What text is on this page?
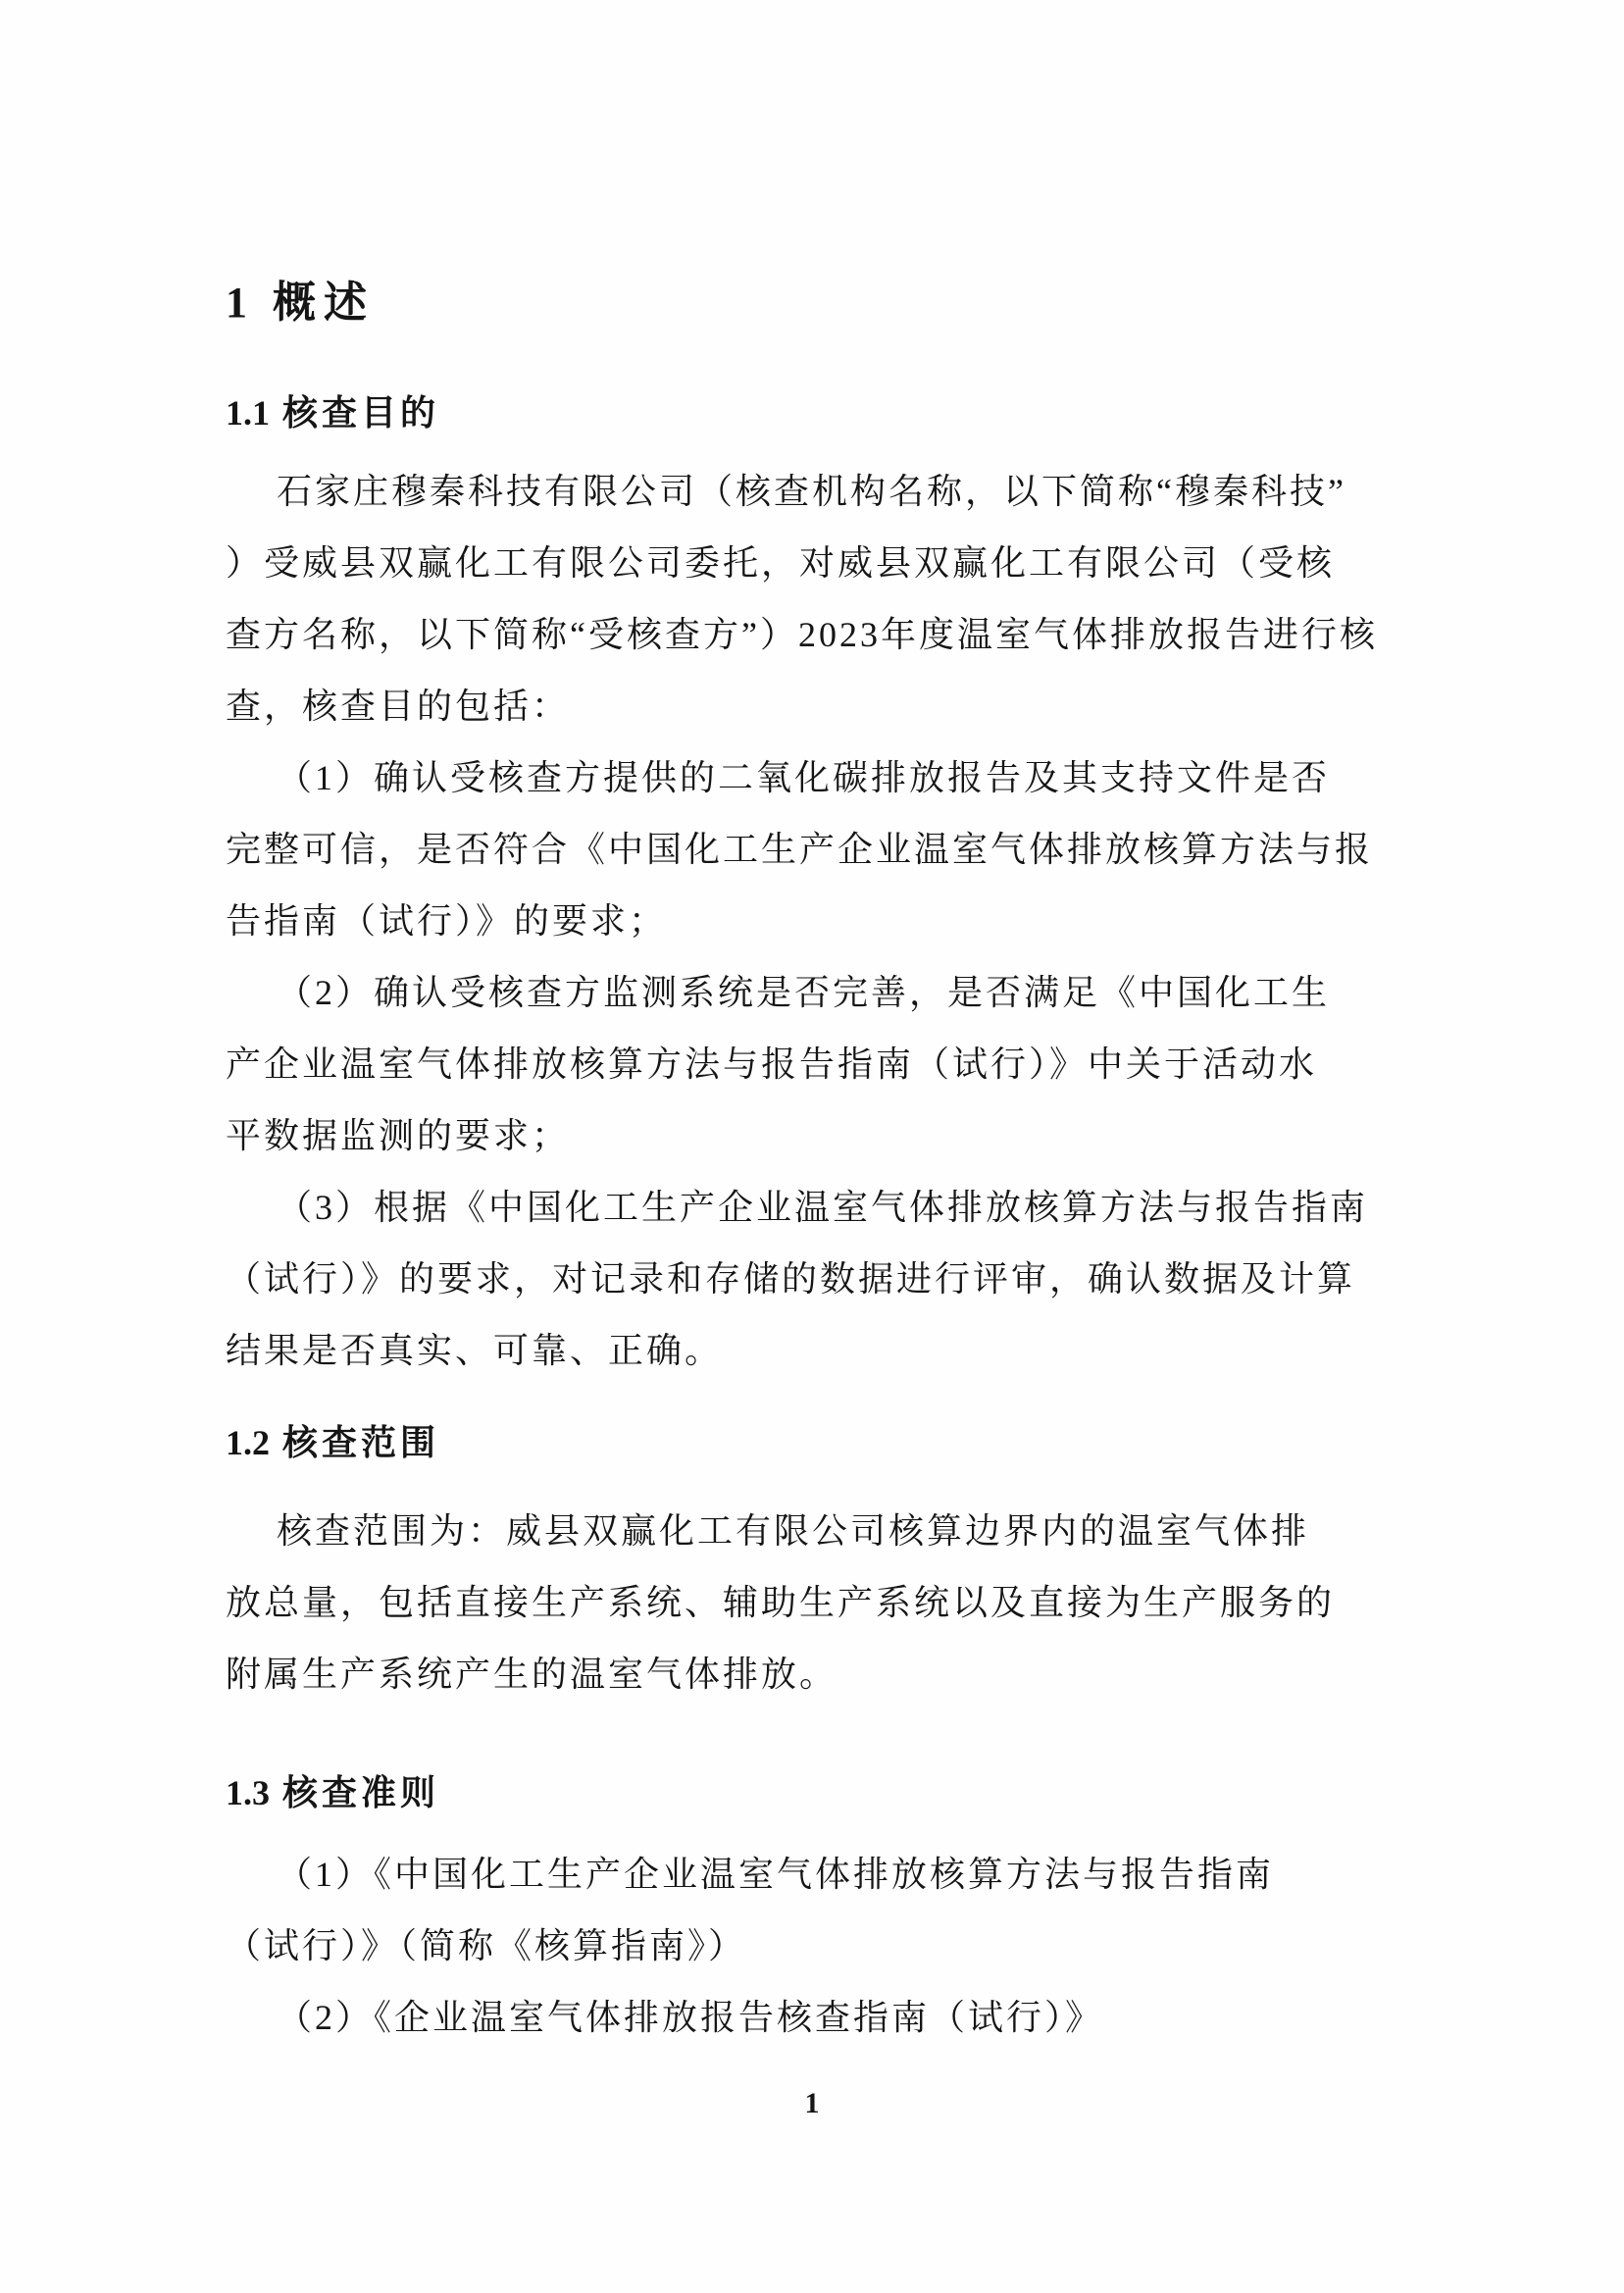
1 概述
1.1 核查目的
石家庄穆秦科技有限公司（核查机构名称，以下简称“穆秦科技”
）受威县双赢化工有限公司委托，对威县双赢化工有限公司（受核
查方名称，以下简称“受核查方”）2023年度温室气体排放报告进行核
查，核查目的包括：
（1）确认受核查方提供的二氧化碳排放报告及其支持文件是否
完整可信，是否符合《中国化工生产企业温室气体排放核算方法与报
告指南（试行）》的要求；
（2）确认受核查方监测系统是否完善，是否满足《中国化工生
产企业温室气体排放核算方法与报告指南（试行）》中关于活动水
平数据监测的要求；
（3）根据《中国化工生产企业温室气体排放核算方法与报告指南
（试行）》的要求，对记录和存储的数据进行评审，确认数据及计算
结果是否真实、可靠、正确。
1.2 核查范围
核查范围为：威县双赢化工有限公司核算边界内的温室气体排
放总量，包括直接生产系统、辅助生产系统以及直接为生产服务的
附属生产系统产生的温室气体排放。
1.3 核查准则
（1）《中国化工生产企业温室气体排放核算方法与报告指南
（试行）》（简称《核算指南》）
（2）《企业温室气体排放报告核查指南（试行）》
1
